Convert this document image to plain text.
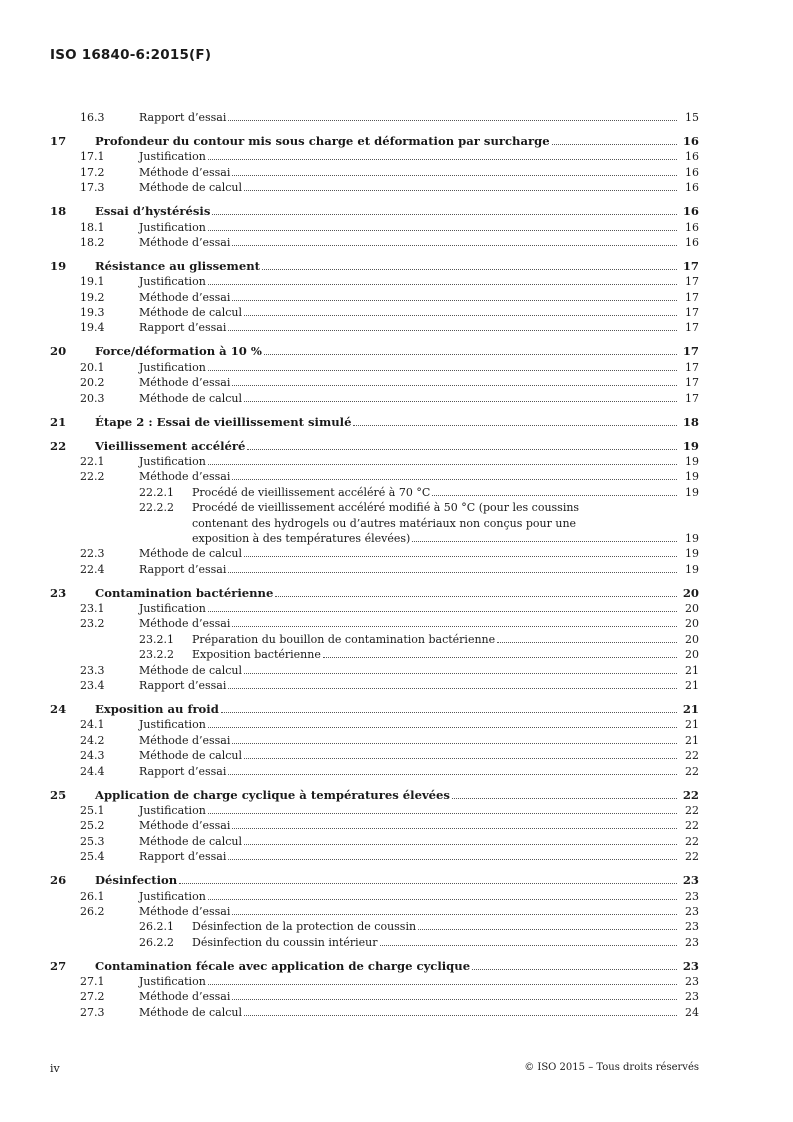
ISO 16840-6:2015(F)
16.3	Rapport d’essai	15
17	Profondeur du contour mis sous charge et déformation par surcharge	16
17.1	Justification	16
17.2	Méthode d’essai	16
17.3	Méthode de calcul	16
18	Essai d’hystérésis	16
18.1	Justification	16
18.2	Méthode d’essai	16
19	Résistance au glissement	17
19.1	Justification	17
19.2	Méthode d’essai	17
19.3	Méthode de calcul	17
19.4	Rapport d’essai	17
20	Force/déformation à 10 %	17
20.1	Justification	17
20.2	Méthode d’essai	17
20.3	Méthode de calcul	17
21	Étape 2 : Essai de vieillissement simulé	18
22	Vieillissement accéléré	19
22.1	Justification	19
22.2	Méthode d’essai	19
22.2.1	Procédé de vieillissement accéléré à 70 °C	19
22.2.2	Procédé de vieillissement accéléré modifié à 50 °C (pour les coussins
contenant des hydrogels ou d’autres matériaux non conçus pour une
exposition à des températures élevées)	19
22.3	Méthode de calcul	19
22.4	Rapport d’essai	19
23	Contamination bactérienne	20
23.1	Justification	20
23.2	Méthode d’essai	20
23.2.1	Préparation du bouillon de contamination bactérienne	20
23.2.2	Exposition bactérienne	20
23.3	Méthode de calcul	21
23.4	Rapport d’essai	21
24	Exposition au froid	21
24.1	Justification	21
24.2	Méthode d’essai	21
24.3	Méthode de calcul	22
24.4	Rapport d’essai	22
25	Application de charge cyclique à températures élevées	22
25.1	Justification	22
25.2	Méthode d’essai	22
25.3	Méthode de calcul	22
25.4	Rapport d’essai	22
26	Désinfection	23
26.1	Justification	23
26.2	Méthode d’essai	23
26.2.1	Désinfection de la protection de coussin	23
26.2.2	Désinfection du coussin intérieur	23
27	Contamination fécale avec application de charge cyclique	23
27.1	Justification	23
27.2	Méthode d’essai	23
27.3	Méthode de calcul	24
iv	© ISO 2015 – Tous droits réservés
